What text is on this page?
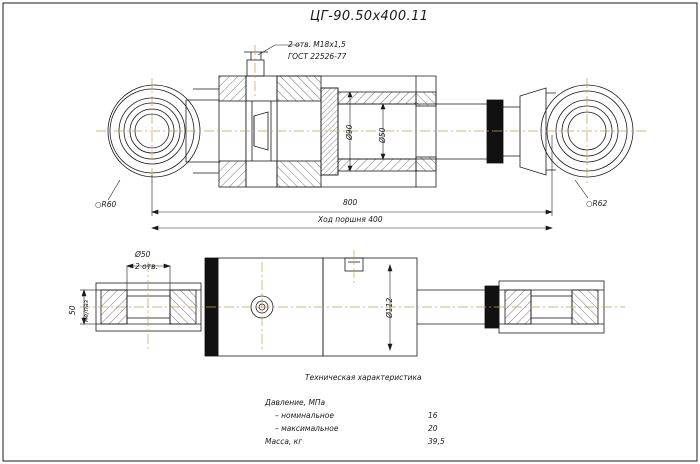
ЦГ-90.50x400.11
2 отв. М18х1,5
ГОСТ 22526-77
Ø90	Ø50
800
Ход поршня 400
○R60	○R62
Ø50
2 отв.
50 не/паз	Ø112
Техническая характеристика
Давление, МПа
– номинальное	16
– максимальное	20
Масса, кг	39,5
